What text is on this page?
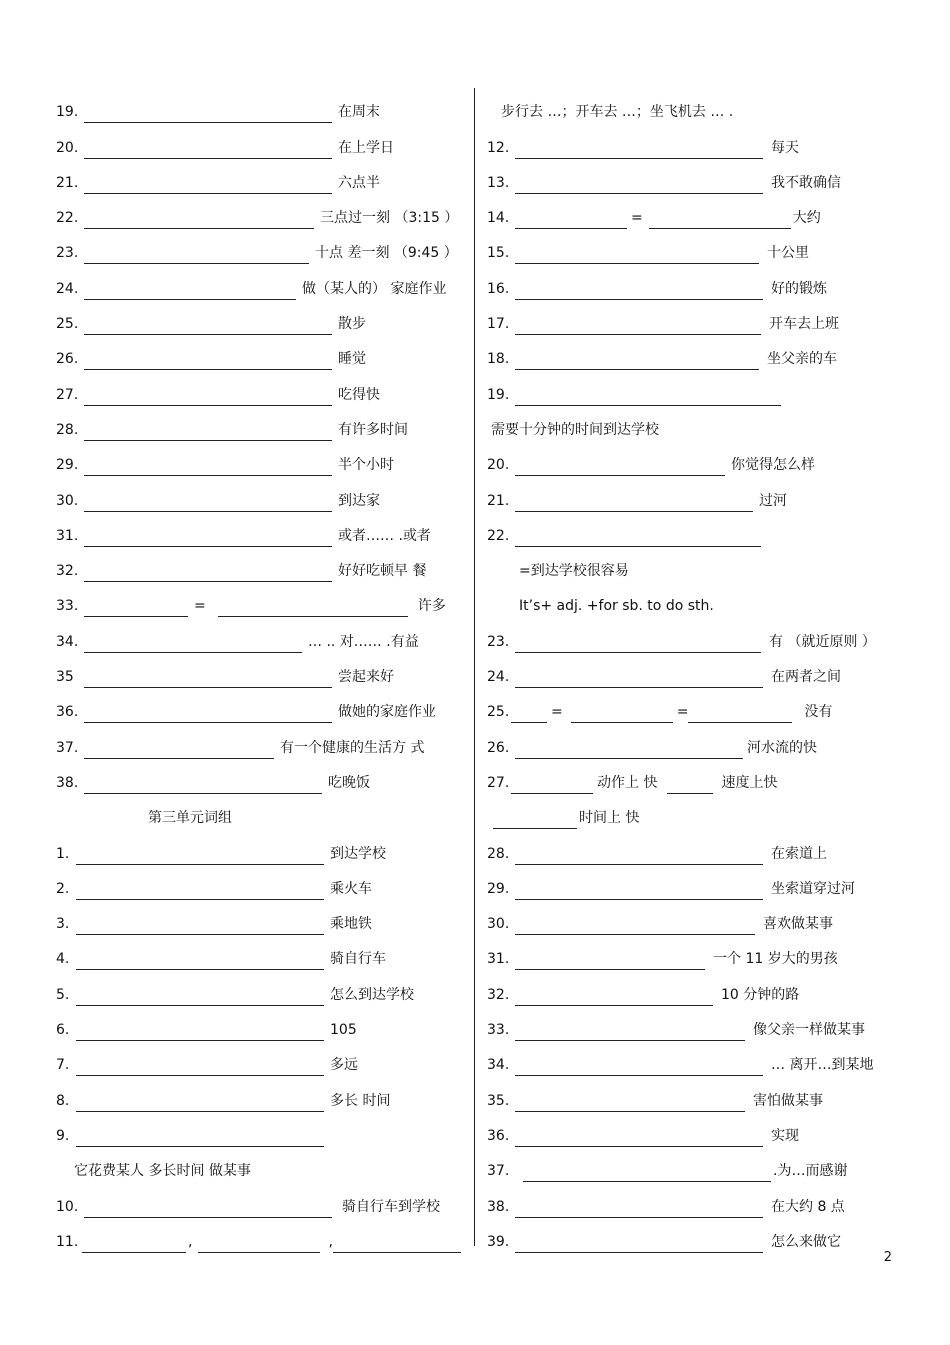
19.	在周末
20.	在上学日
21.	六点半
22.	三点过一刻 （3:15 ）
23.	十点 差一刻 （9:45 ）
24.	做（某人的） 家庭作业
25.	散步
26.	睡觉
27.	吃得快
28.	有许多时间
29.	半个小时
30.	到达家
31.	或者…… .或者
32.	好好吃顿早 餐
33.	=	许多
34.	… .. 对…… .有益
35	尝起来好
36.	做她的家庭作业
37.	有一个健康的生活方 式
38.	吃晚饭
第三单元词组
1.	到达学校
2.	乘火车
3.	乘地铁
4.	骑自行车
5.	怎么到达学校
6.	105
7.	多远
8.	多长 时间
9.
它花费某人 多长时间 做某事
10.	骑自行车到学校
11.	,	,
步行去 …；开车去 …；坐飞机去 … .
12.	每天
13.	我不敢确信
14.	=	大约
15.	十公里
16.	好的锻炼
17.	开车去上班
18.	坐父亲的车
19.
需要十分钟的时间到达学校
20.	你觉得怎么样
21.	过河
22.
=到达学校很容易
It’s+ adj. +for sb. to do sth.
23.	有 （就近原则 ）
24.	在两者之间
25.	=	=	没有
26.	河水流的快
27.	动作上 快	速度上快
时间上 快
28.	在索道上
29.	坐索道穿过河
30.	喜欢做某事
31.	一个 11 岁大的男孩
32.	10 分钟的路
33.	像父亲一样做某事
34.	… 离开…到某地
35.	害怕做某事
36.	实现
37.	.为…而感谢
38.	在大约 8 点
39.	怎么来做它
2
